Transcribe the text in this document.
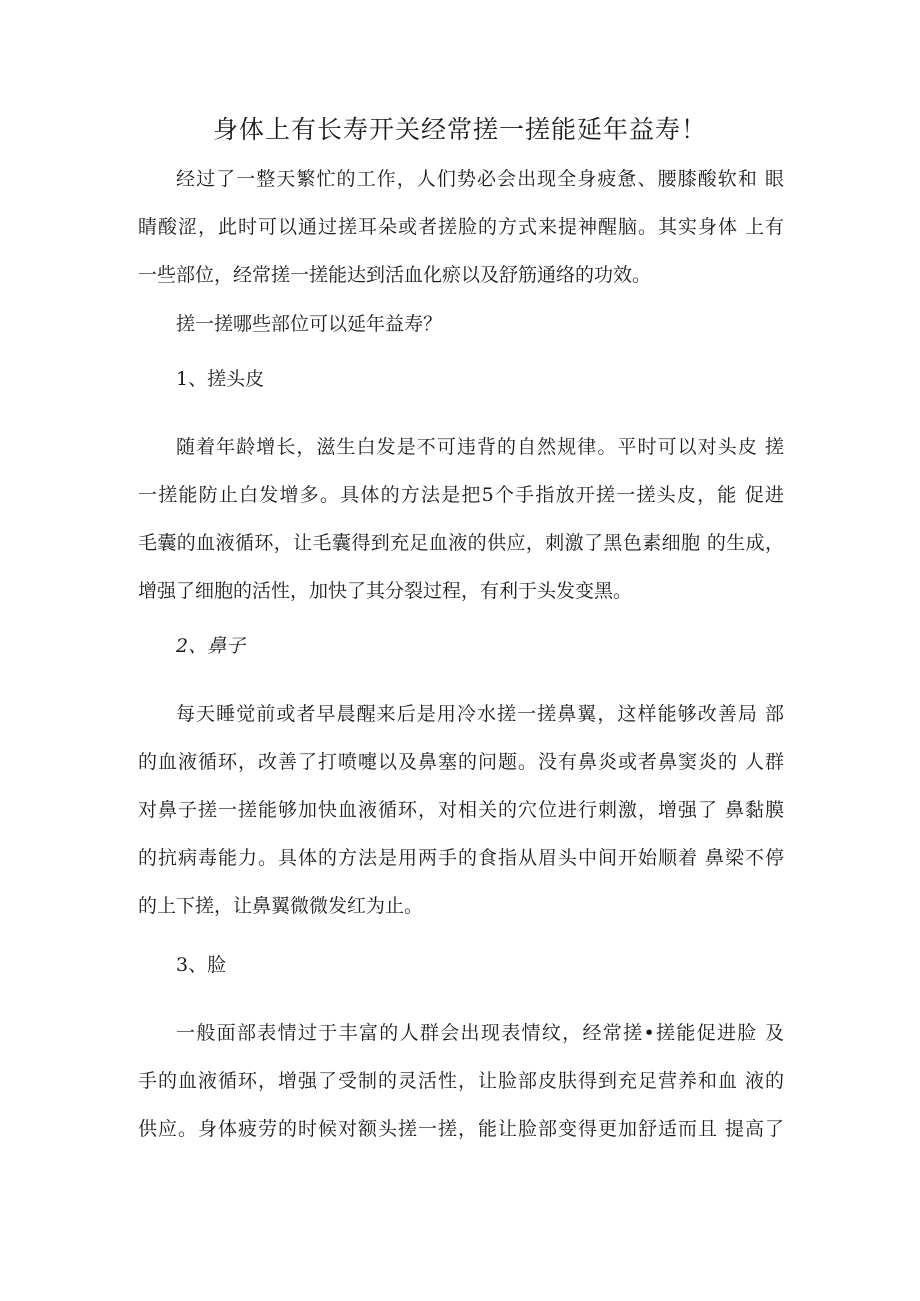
身体上有长寿开关经常搓一搓能延年益寿！

经过了一整天繁忙的工作，人们势必会出现全身疲惫、腰膝酸软和 眼
睛酸涩，此时可以通过搓耳朵或者搓脸的方式来提神醒脑。其实身体 上有
一些部位，经常搓一搓能达到活血化瘀以及舒筋通络的功效。

搓一搓哪些部位可以延年益寿？

1、搓头皮

随着年龄增长，滋生白发是不可违背的自然规律。平时可以对头皮 搓
一搓能防止白发增多。具体的方法是把5个手指放开搓一搓头皮，能 促进
毛囊的血液循环，让毛囊得到充足血液的供应，刺激了黑色素细胞 的生成，
增强了细胞的活性，加快了其分裂过程，有利于头发变黑。

2、鼻子

每天睡觉前或者早晨醒来后是用冷水搓一搓鼻翼，这样能够改善局 部
的血液循环，改善了打喷嚏以及鼻塞的问题。没有鼻炎或者鼻窦炎的 人群
对鼻子搓一搓能够加快血液循环，对相关的穴位进行刺激，增强了 鼻黏膜
的抗病毒能力。具体的方法是用两手的食指从眉头中间开始顺着 鼻梁不停
的上下搓，让鼻翼微微发红为止。

3、脸

一般面部表情过于丰富的人群会出现表情纹，经常搓•搓能促进脸 及
手的血液循环，增强了受制的灵活性，让脸部皮肤得到充足营养和血 液的
供应。身体疲劳的时候对额头搓一搓，能让脸部变得更加舒适而且 提高了
